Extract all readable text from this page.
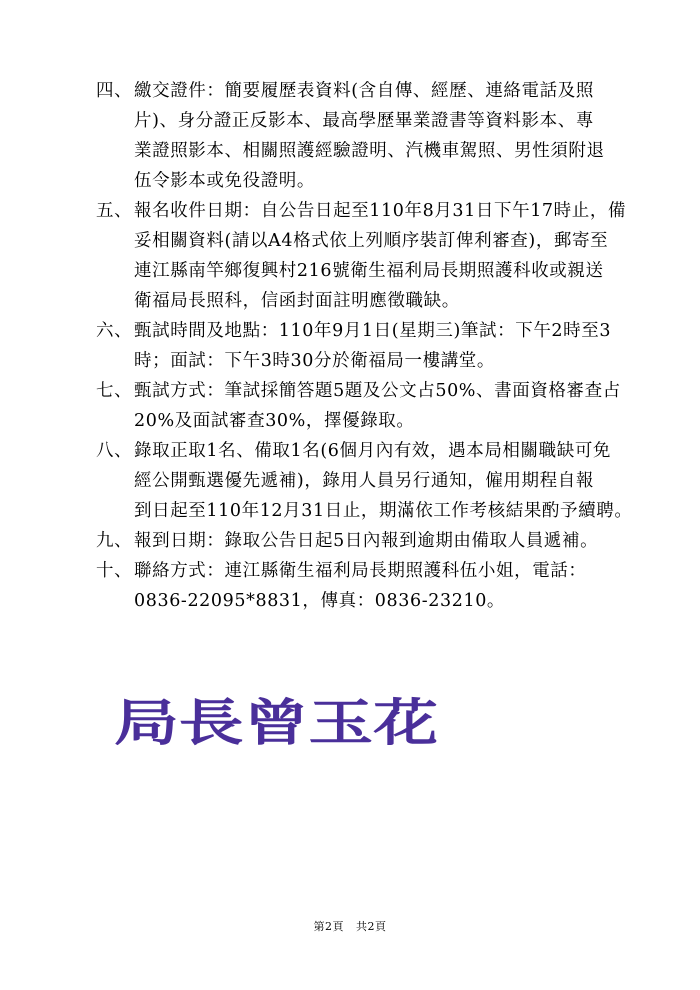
四、 繳交證件：簡要履歷表資料(含自傳、經歷、連絡電話及照
片)、身分證正反影本、最高學歷畢業證書等資料影本、專
業證照影本、相關照護經驗證明、汽機車駕照、男性須附退
伍令影本或免役證明。
五、 報名收件日期：自公告日起至110年8月31日下午17時止，備
妥相關資料(請以A4格式依上列順序裝訂俾利審查)，郵寄至
連江縣南竿鄉復興村216號衛生福利局長期照護科收或親送
衛福局長照科，信函封面註明應徵職缺。
六、 甄試時間及地點：110年9月1日(星期三)筆試：下午2時至3
時；面試：下午3時30分於衛福局一樓講堂。
七、 甄試方式：筆試採簡答題5題及公文占50%、書面資格審查占
20%及面試審查30%，擇優錄取。
八、 錄取正取1名、備取1名(6個月內有效，遇本局相關職缺可免
經公開甄選優先遞補)，錄用人員另行通知，僱用期程自報
到日起至110年12月31日止，期滿依工作考核結果酌予續聘。
九、 報到日期：錄取公告日起5日內報到逾期由備取人員遞補。
十、 聯絡方式：連江縣衛生福利局長期照護科伍小姐，電話：
0836-22095*8831，傳真：0836-23210。
局長曾玉花
第2頁 共2頁
